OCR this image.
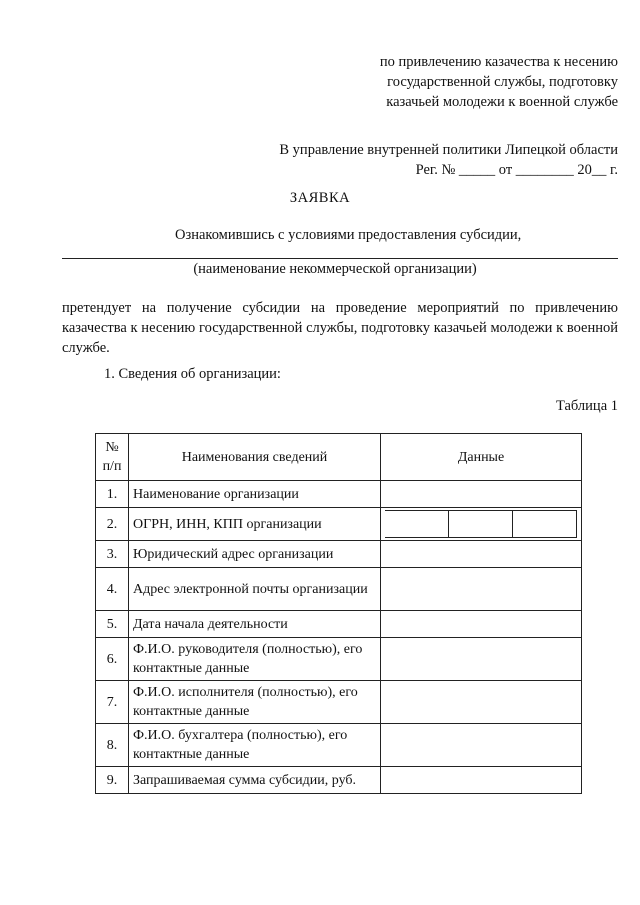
по привлечению казачества к несению
государственной службы, подготовку
казачьей молодежи к военной службе
В управление внутренней политики Липецкой области
Рег. № _____ от ________ 20__ г.
ЗАЯВКА
Ознакомившись с условиями предоставления субсидии,
(наименование некоммерческой организации)
претендует на получение субсидии на проведение мероприятий по привлечению казачества к несению государственной службы, подготовку казачьей молодежи к военной службе.
1. Сведения об организации:
Таблица 1
№ п/п	Наименования сведений	Данные
1.	Наименование организации	
2.	ОГРН, ИНН, КПП организации	

3.	Юридический адрес организации	
4.	Адрес электронной почты организации	
5.	Дата начала деятельности	
6.	Ф.И.О. руководителя (полностью), его контактные данные	
7.	Ф.И.О. исполнителя (полностью), его контактные данные	
8.	Ф.И.О. бухгалтера (полностью), его контактные данные	
9.	Запрашиваемая сумма субсидии, руб.	
